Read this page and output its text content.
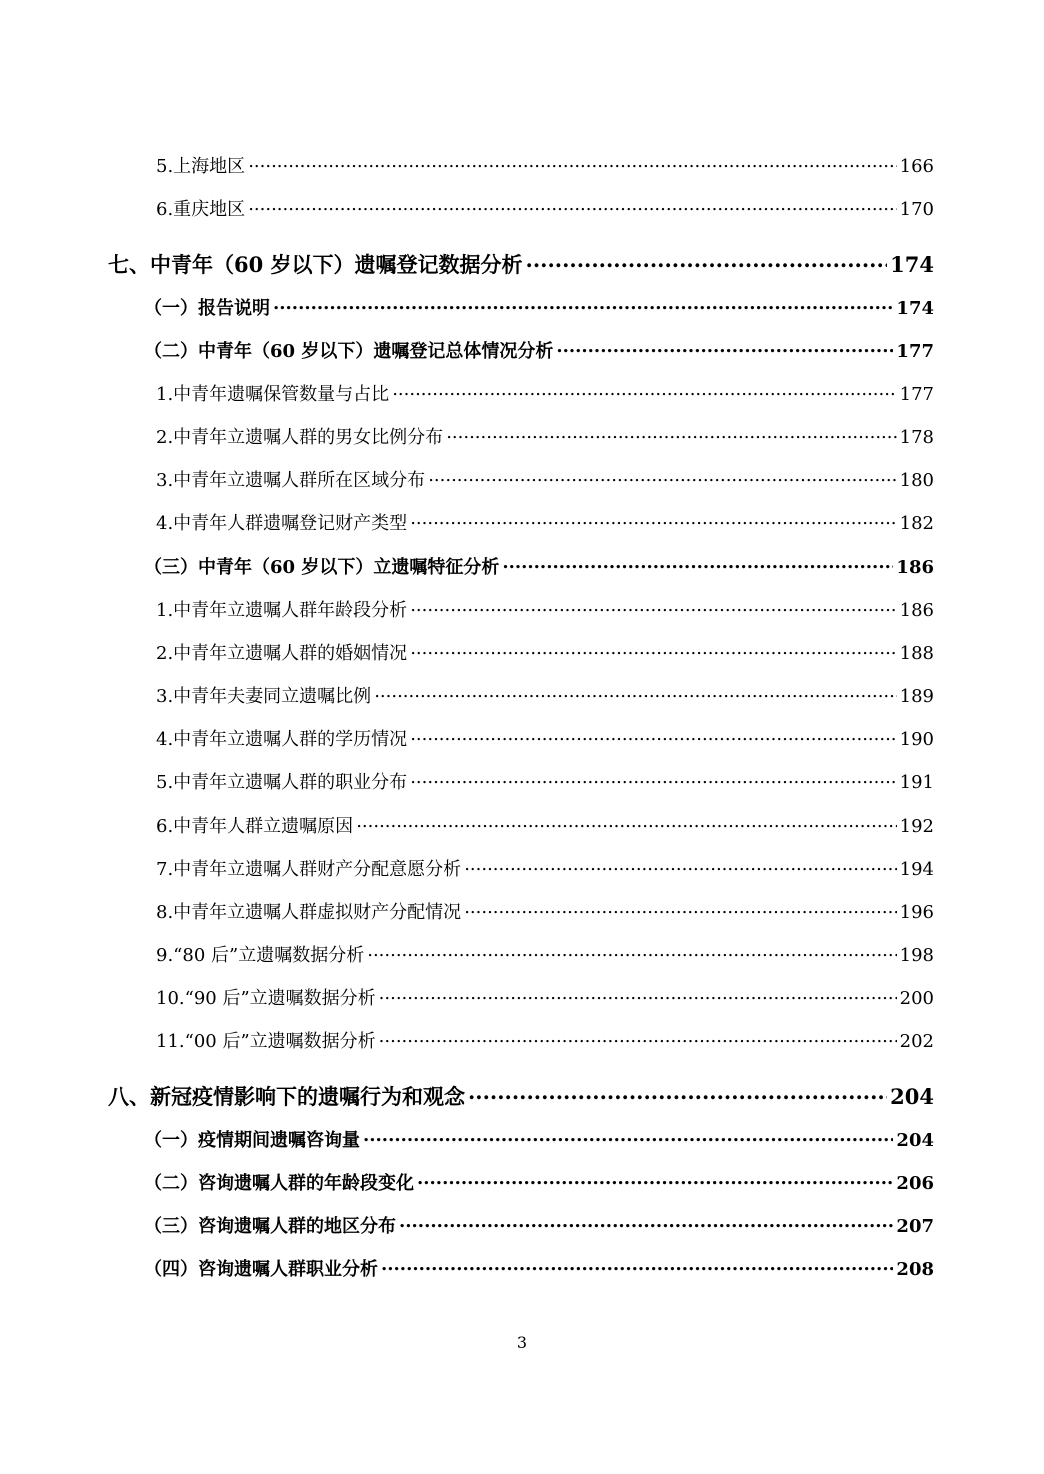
5.上海地区 .....	166
6.重庆地区 .....	170
七、中青年（60 岁以下）遗嘱登记数据分析 .....	174
（一）报告说明 .....	174
（二）中青年（60 岁以下）遗嘱登记总体情况分析 .....	177
1.中青年遗嘱保管数量与占比 .....	177
2.中青年立遗嘱人群的男女比例分布 .....	178
3.中青年立遗嘱人群所在区域分布 .....	180
4.中青年人群遗嘱登记财产类型 .....	182
（三）中青年（60 岁以下）立遗嘱特征分析 .....	186
1.中青年立遗嘱人群年龄段分析 .....	186
2.中青年立遗嘱人群的婚姻情况 .....	188
3.中青年夫妻同立遗嘱比例 .....	189
4.中青年立遗嘱人群的学历情况 .....	190
5.中青年立遗嘱人群的职业分布 .....	191
6.中青年人群立遗嘱原因 .....	192
7.中青年立遗嘱人群财产分配意愿分析 .....	194
8.中青年立遗嘱人群虚拟财产分配情况 .....	196
9.“80 后”立遗嘱数据分析 .....	198
10.“90 后”立遗嘱数据分析 .....	200
11.“00 后”立遗嘱数据分析 .....	202
八、新冠疫情影响下的遗嘱行为和观念 .....	204
（一）疫情期间遗嘱咨询量 .....	204
（二）咨询遗嘱人群的年龄段变化 .....	206
（三）咨询遗嘱人群的地区分布 .....	207
（四）咨询遗嘱人群职业分析 .....	208
3
